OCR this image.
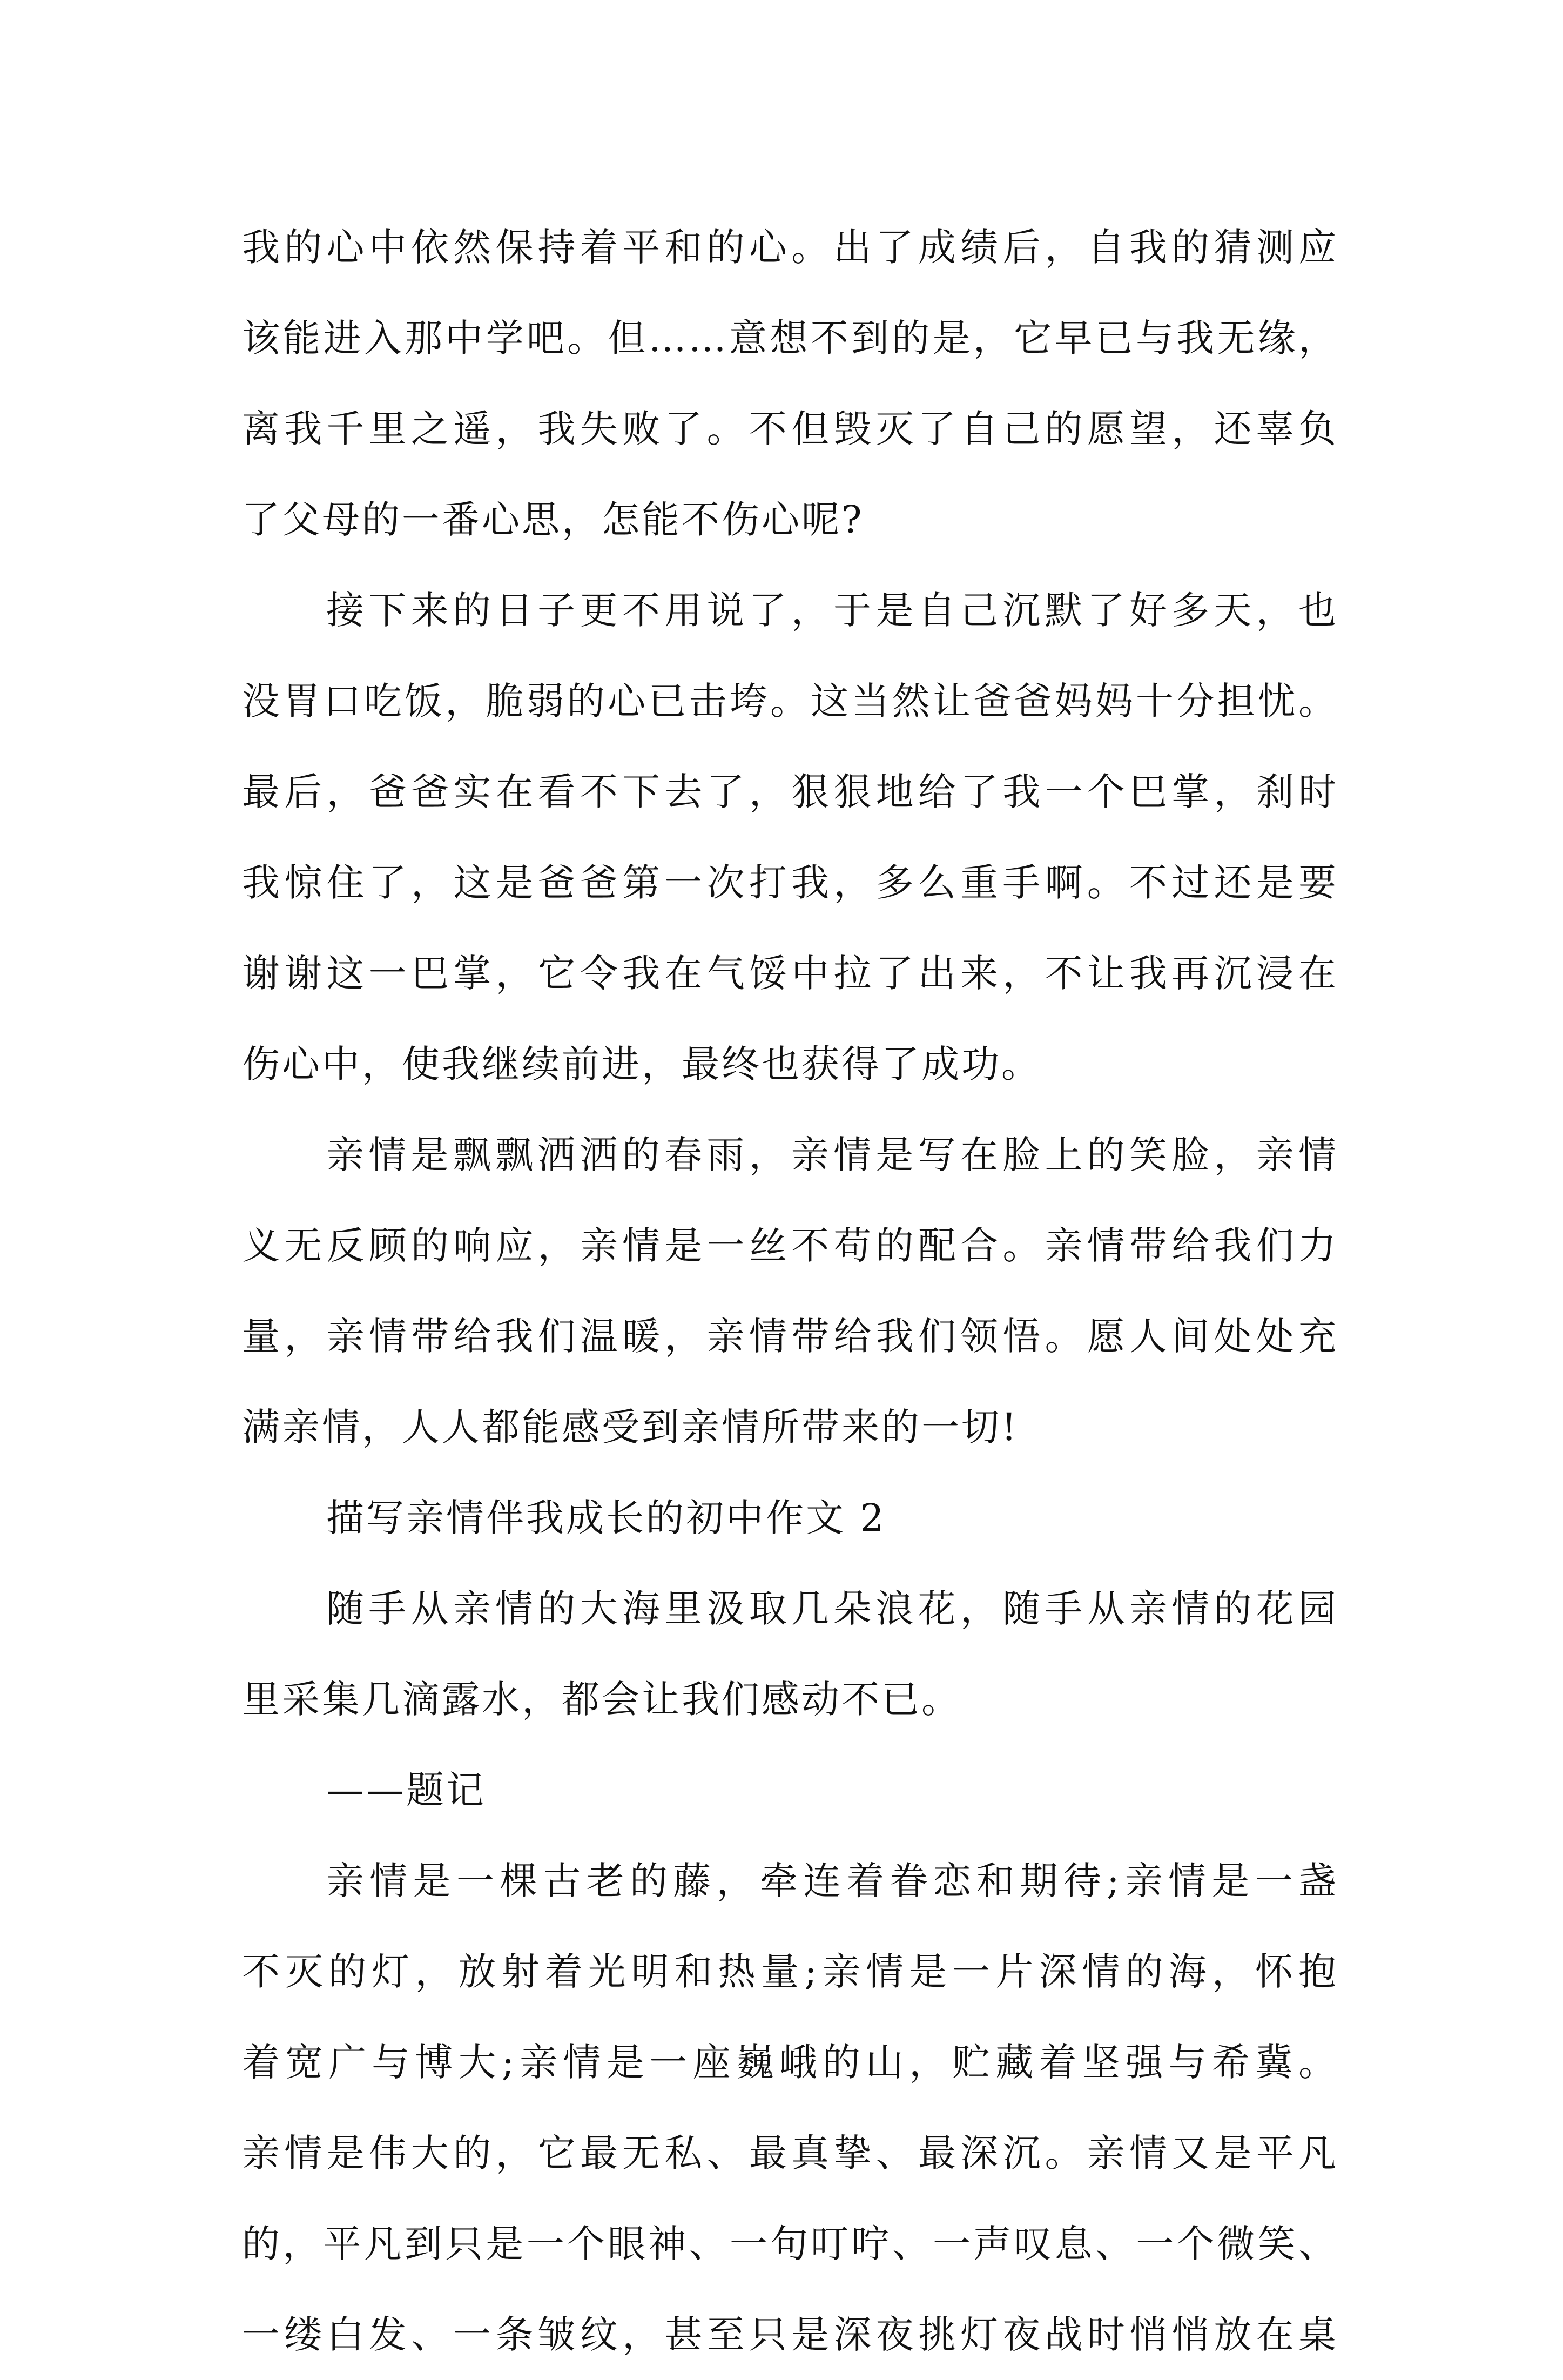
我的心中依然保持着平和的心。出了成绩后，自我的猜测应
该能进入那中学吧。但……意想不到的是，它早已与我无缘，
离我千里之遥，我失败了。不但毁灭了自己的愿望，还辜负
了父母的一番心思，怎能不伤心呢?
接下来的日子更不用说了，于是自己沉默了好多天，也
没胃口吃饭，脆弱的心已击垮。这当然让爸爸妈妈十分担忧。
最后，爸爸实在看不下去了，狠狠地给了我一个巴掌，刹时
我惊住了，这是爸爸第一次打我，多么重手啊。不过还是要
谢谢这一巴掌，它令我在气馁中拉了出来，不让我再沉浸在
伤心中，使我继续前进，最终也获得了成功。
亲情是飘飘洒洒的春雨，亲情是写在脸上的笑脸，亲情
义无反顾的响应，亲情是一丝不苟的配合。亲情带给我们力
量，亲情带给我们温暖，亲情带给我们领悟。愿人间处处充
满亲情，人人都能感受到亲情所带来的一切!
描写亲情伴我成长的初中作文 2
随手从亲情的大海里汲取几朵浪花，随手从亲情的花园
里采集几滴露水，都会让我们感动不已。
——题记
亲情是一棵古老的藤，牵连着眷恋和期待;亲情是一盏
不灭的灯，放射着光明和热量;亲情是一片深情的海，怀抱
着宽广与博大;亲情是一座巍峨的山，贮藏着坚强与希冀。
亲情是伟大的，它最无私、最真挚、最深沉。亲情又是平凡
的，平凡到只是一个眼神、一句叮咛、一声叹息、一个微笑、
一缕白发、一条皱纹，甚至只是深夜挑灯夜战时悄悄放在桌
